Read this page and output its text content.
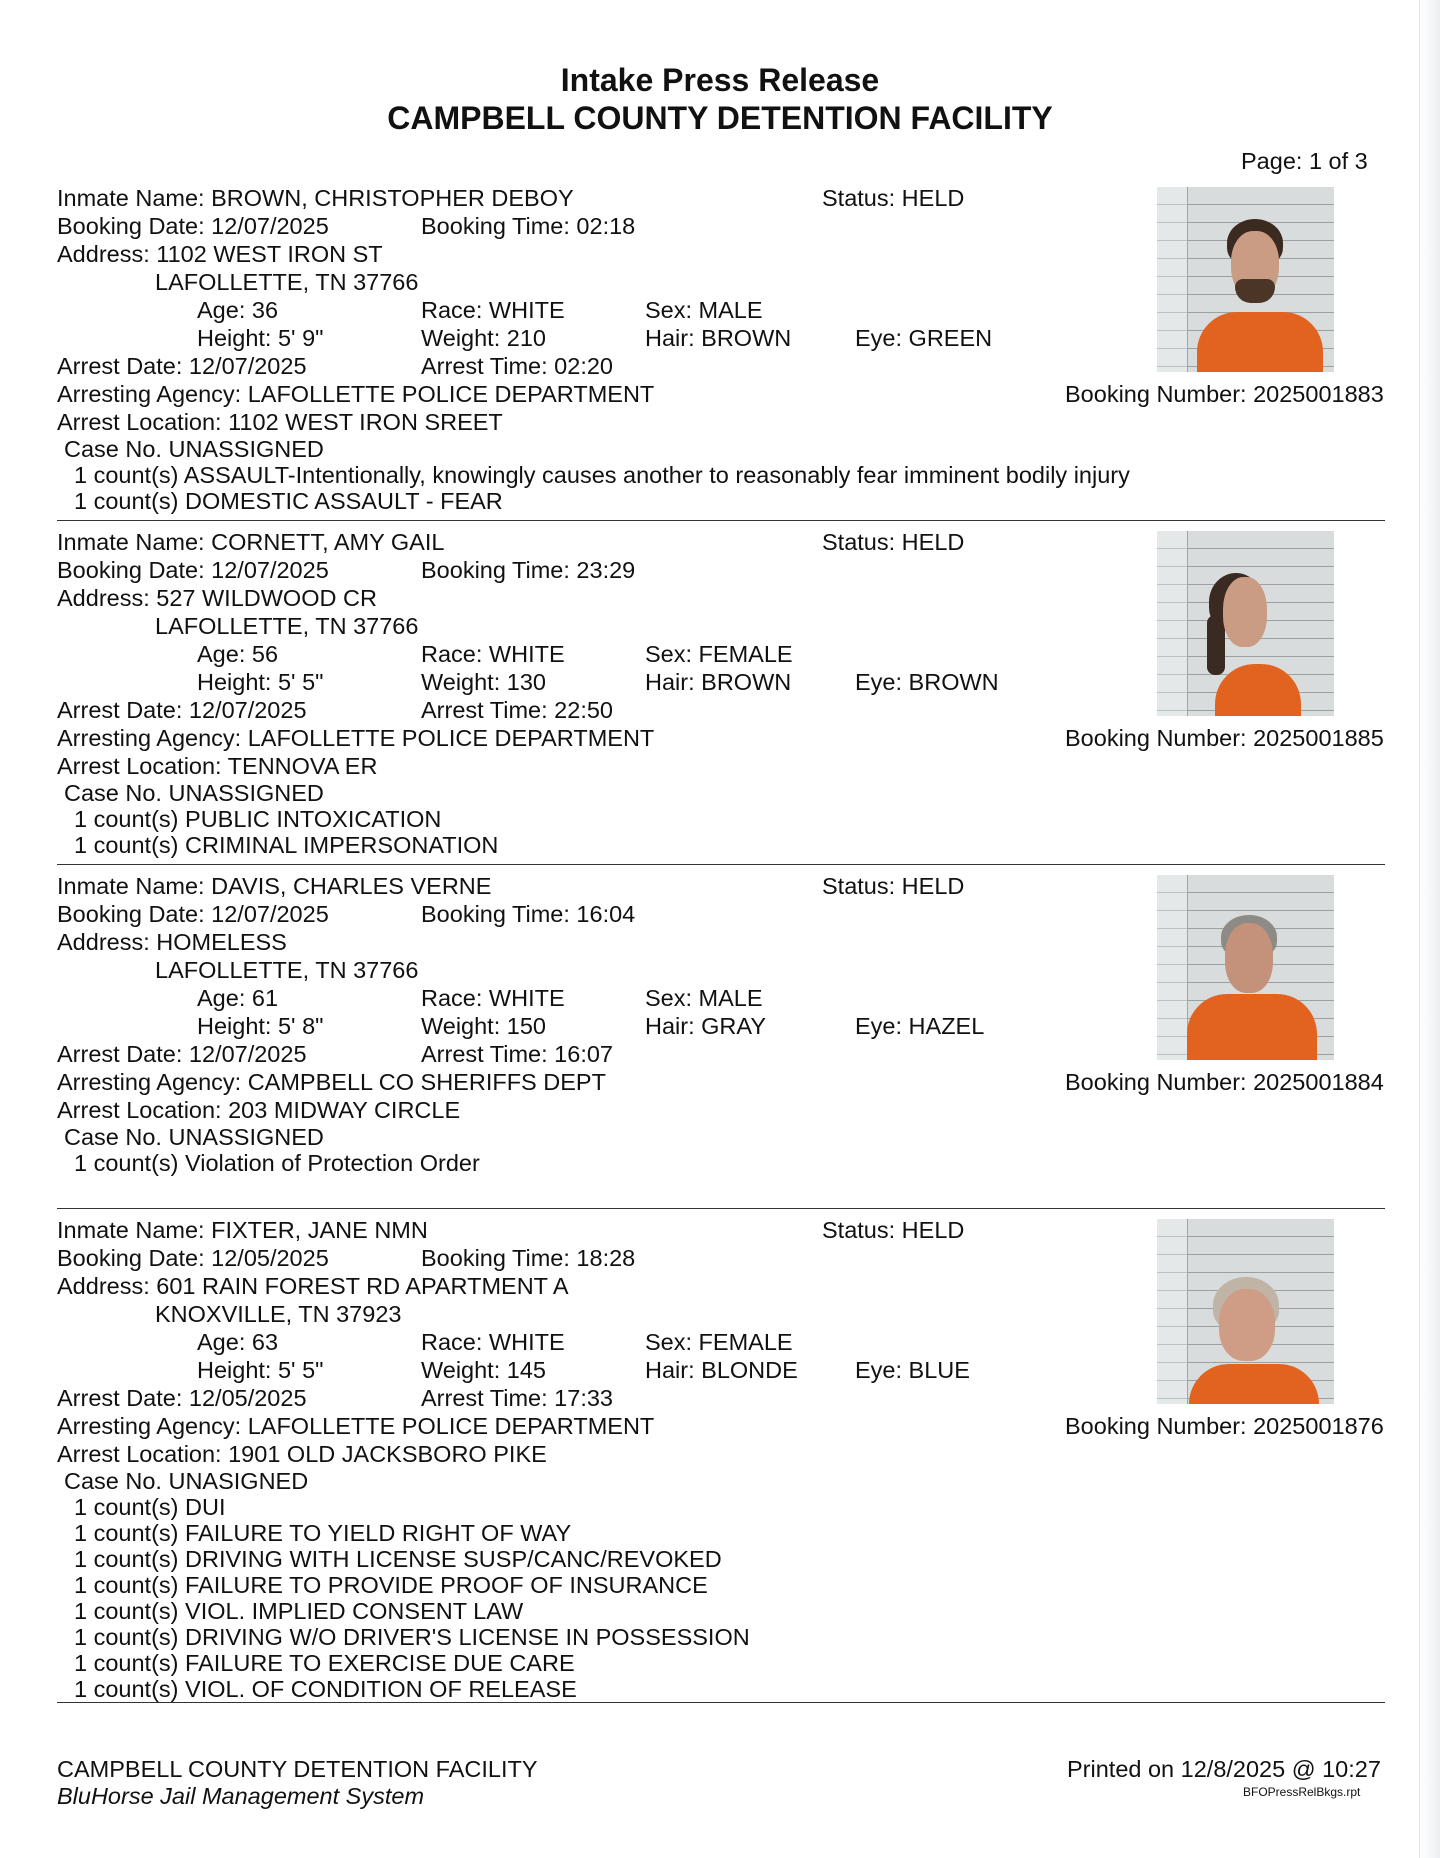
Intake Press Release
CAMPBELL COUNTY DETENTION FACILITY
Page: 1 of 3
Inmate Name: BROWN, CHRISTOPHER DEBOY	Status: HELD
Booking Date: 12/07/2025	Booking Time: 02:18
Address: 1102 WEST IRON ST
LAFOLLETTE, TN 37766
Age: 36	Race: WHITE	Sex: MALE
Height: 5' 9"	Weight: 210	Hair: BROWN	Eye: GREEN
Arrest Date: 12/07/2025	Arrest Time: 02:20
Arresting Agency: LAFOLLETTE POLICE DEPARTMENT	Booking Number: 2025001883
Arrest Location: 1102 WEST IRON SREET
Case No. UNASSIGNED
1 count(s) ASSAULT-Intentionally, knowingly causes another to reasonably fear imminent bodily injury
1 count(s) DOMESTIC ASSAULT - FEAR
Inmate Name: CORNETT, AMY GAIL	Status: HELD
Booking Date: 12/07/2025	Booking Time: 23:29
Address: 527 WILDWOOD CR
LAFOLLETTE, TN 37766
Age: 56	Race: WHITE	Sex: FEMALE
Height: 5' 5"	Weight: 130	Hair: BROWN	Eye: BROWN
Arrest Date: 12/07/2025	Arrest Time: 22:50
Arresting Agency: LAFOLLETTE POLICE DEPARTMENT	Booking Number: 2025001885
Arrest Location: TENNOVA ER
Case No. UNASSIGNED
1 count(s) PUBLIC INTOXICATION
1 count(s) CRIMINAL IMPERSONATION
Inmate Name: DAVIS, CHARLES VERNE	Status: HELD
Booking Date: 12/07/2025	Booking Time: 16:04
Address: HOMELESS
LAFOLLETTE, TN 37766
Age: 61	Race: WHITE	Sex: MALE
Height: 5' 8"	Weight: 150	Hair: GRAY	Eye: HAZEL
Arrest Date: 12/07/2025	Arrest Time: 16:07
Arresting Agency: CAMPBELL CO SHERIFFS DEPT	Booking Number: 2025001884
Arrest Location: 203 MIDWAY CIRCLE
Case No. UNASSIGNED
1 count(s) Violation of Protection Order
Inmate Name: FIXTER, JANE NMN	Status: HELD
Booking Date: 12/05/2025	Booking Time: 18:28
Address: 601 RAIN FOREST RD APARTMENT A
KNOXVILLE, TN 37923
Age: 63	Race: WHITE	Sex: FEMALE
Height: 5' 5"	Weight: 145	Hair: BLONDE Eye: BLUE
Arrest Date: 12/05/2025	Arrest Time: 17:33
Arresting Agency: LAFOLLETTE POLICE DEPARTMENT	Booking Number: 2025001876
Arrest Location: 1901 OLD JACKSBORO PIKE
Case No. UNASIGNED
1 count(s) DUI
1 count(s) FAILURE TO YIELD RIGHT OF WAY
1 count(s) DRIVING WITH LICENSE SUSP/CANC/REVOKED
1 count(s) FAILURE TO PROVIDE PROOF OF INSURANCE
1 count(s) VIOL. IMPLIED CONSENT LAW
1 count(s) DRIVING W/O DRIVER'S LICENSE IN POSSESSION
1 count(s) FAILURE TO EXERCISE DUE CARE
1 count(s) VIOL. OF CONDITION OF RELEASE
CAMPBELL COUNTY DETENTION FACILITY
BluHorse Jail Management System
Printed on 12/8/2025 @ 10:27
BFOPressRelBkgs.rpt
